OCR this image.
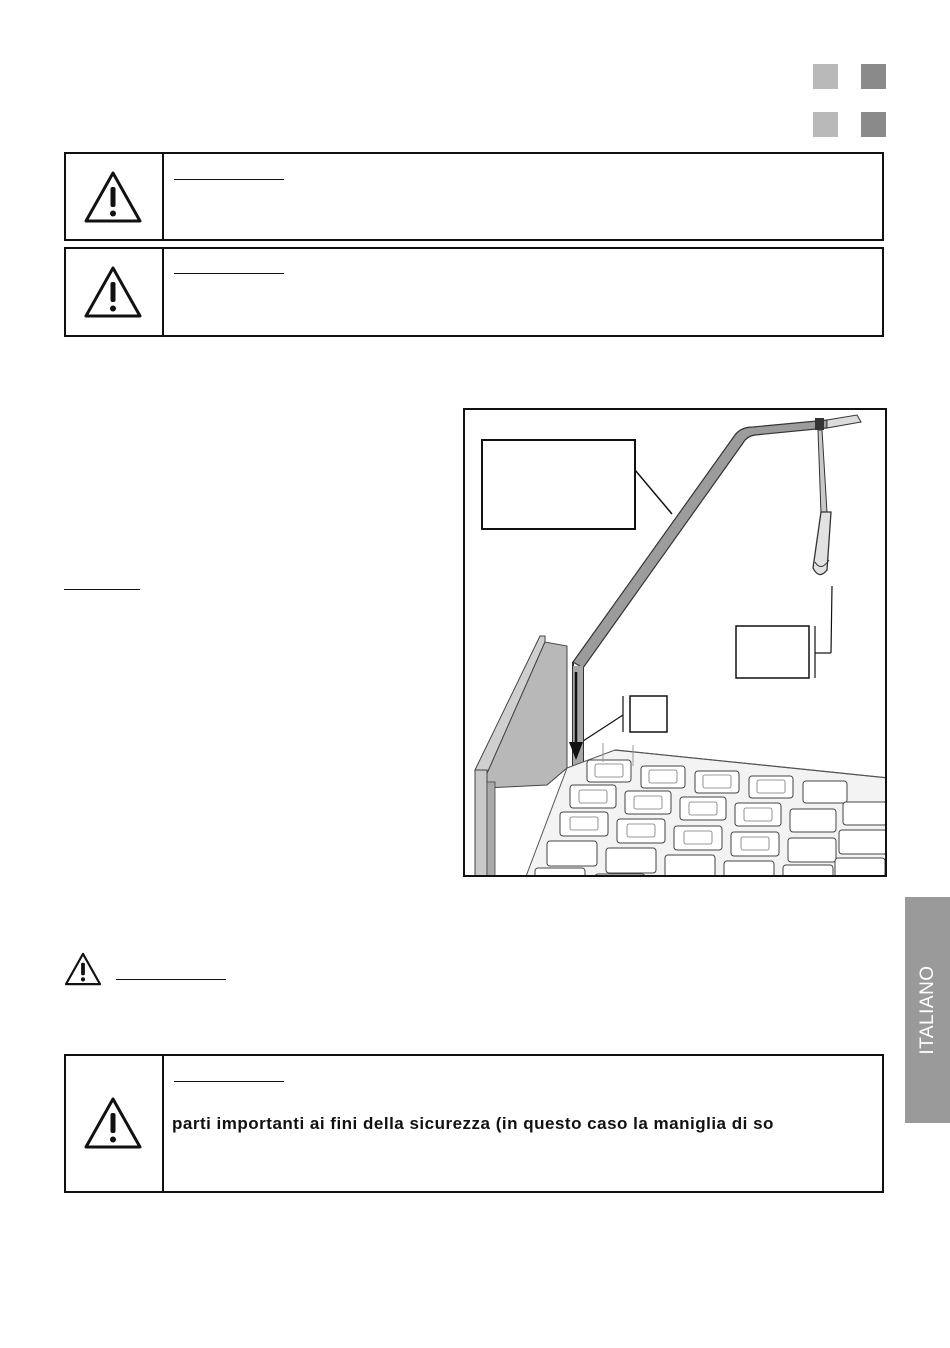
parti importanti ai fini della sicurezza (in questo caso la maniglia di so

ITALIANO
